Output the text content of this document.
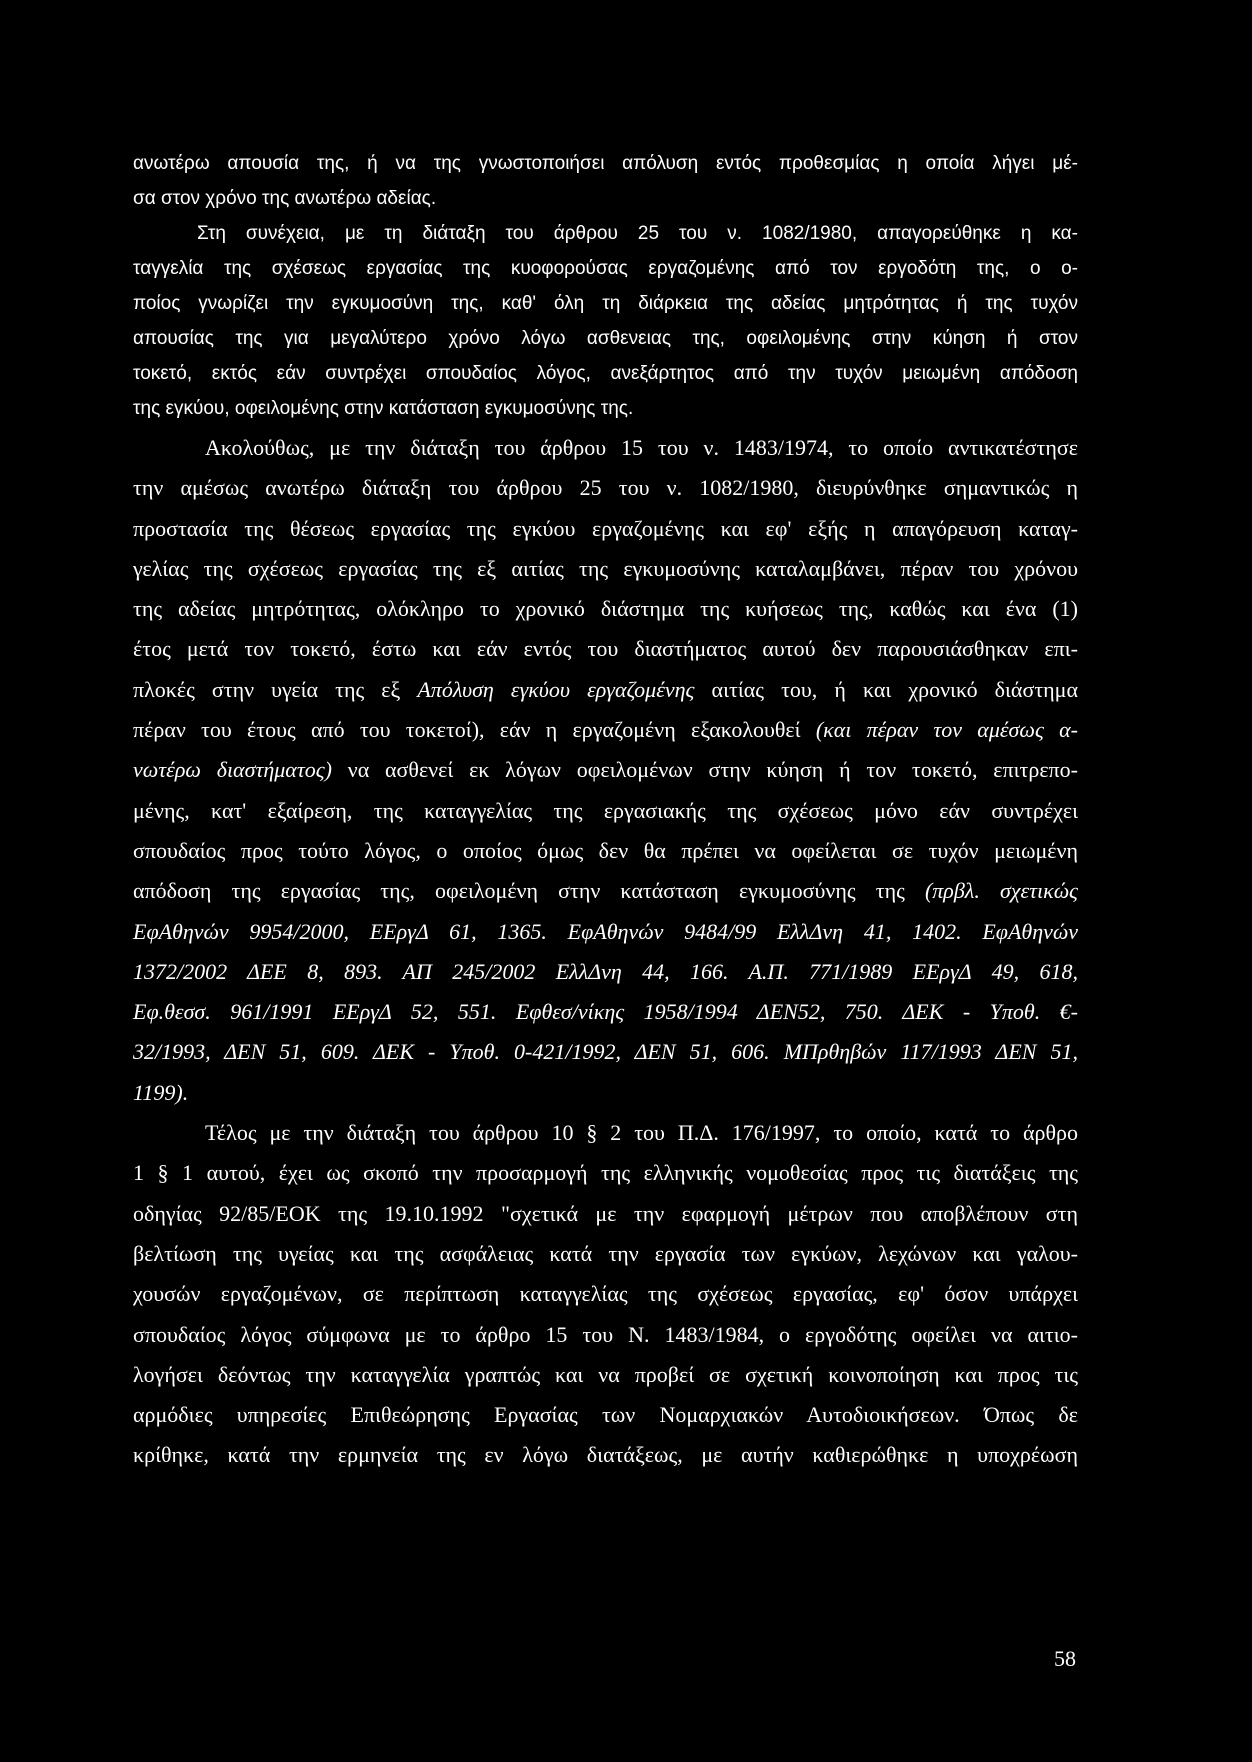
ανωτέρω απουσία της, ή να της γνωστοποιήσει απόλυση εντός προθεσμίας η οποία λήγει μέ-
σα στον χρόνο της ανωτέρω αδείας.
Στη συνέχεια, με τη διάταξη του άρθρου 25 του ν. 1082/1980, απαγορεύθηκε η κα-
ταγγελία της σχέσεως εργασίας της κυοφορούσας εργαζομένης από τον εργοδότη της, ο ο-
ποίος γνωρίζει την εγκυμοσύνη της, καθ' όλη τη διάρκεια της αδείας μητρότητας ή της τυχόν
απουσίας της για μεγαλύτερο χρόνο λόγω ασθενειας της, οφειλομένης στην κύηση ή στον
τοκετό, εκτός εάν συντρέχει σπουδαίος λόγος, ανεξάρτητος από την τυχόν μειωμένη απόδοση
της εγκύου, οφειλομένης στην κατάσταση εγκυμοσύνης της.
Ακολούθως, με την διάταξη του άρθρου 15 του ν. 1483/1974, το οποίο αντικατέστησε
την αμέσως ανωτέρω διάταξη του άρθρου 25 του ν. 1082/1980, διευρύνθηκε σημαντικώς η
προστασία της θέσεως εργασίας της εγκύου εργαζομένης και εφ' εξής η απαγόρευση καταγ-
γελίας της σχέσεως εργασίας της εξ αιτίας της εγκυμοσύνης καταλαμβάνει, πέραν του χρόνου
της αδείας μητρότητας, ολόκληρο το χρονικό διάστημα της κυήσεως της, καθώς και ένα (1)
έτος μετά τον τοκετό, έστω και εάν εντός του διαστήματος αυτού δεν παρουσιάσθηκαν επι-
πλοκές στην υγεία της εξ Απόλυση εγκύου εργαζομένης αιτίας του, ή και χρονικό διάστημα
πέραν του έτους από του τοκετοί), εάν η εργαζομένη εξακολουθεί (και πέραν τον αμέσως α-
νωτέρω διαστήματος) να ασθενεί εκ λόγων οφειλομένων στην κύηση ή τον τοκετό, επιτρεπο-
μένης, κατ' εξαίρεση, της καταγγελίας της εργασιακής της σχέσεως μόνο εάν συντρέχει
σπουδαίος προς τούτο λόγος, ο οποίος όμως δεν θα πρέπει να οφείλεται σε τυχόν μειωμένη
απόδοση της εργασίας της, οφειλομένη στην κατάσταση εγκυμοσύνης της (πρβλ. σχετικώς
ΕφΑθηνών 9954/2000, ΕΕργΔ 61, 1365. ΕφΑθηνών 9484/99 ΕλλΔνη 41, 1402. ΕφΑθηνών
1372/2002 ΔΕΕ 8, 893. ΑΠ 245/2002 ΕλλΔνη 44, 166. Α.Π. 771/1989 ΕΕργΔ 49, 618,
Εφ.θεσσ. 961/1991 ΕΕργΔ 52, 551. Εφθεσ/νίκης 1958/1994 ΔΕΝ52, 750. ΔΕΚ - Υποθ. €-
32/1993, ΔΕΝ 51, 609. ΔΕΚ - Υποθ. 0-421/1992, ΔΕΝ 51, 606. ΜΠρθηβών 117/1993 ΔΕΝ 51,
1199).
Τέλος με την διάταξη του άρθρου 10 § 2 του Π.Δ. 176/1997, το οποίο, κατά το άρθρο
1 § 1 αυτού, έχει ως σκοπό την προσαρμογή της ελληνικής νομοθεσίας προς τις διατάξεις της
οδηγίας 92/85/ΕΟΚ της 19.10.1992 "σχετικά με την εφαρμογή μέτρων που αποβλέπουν στη
βελτίωση της υγείας και της ασφάλειας κατά την εργασία των εγκύων, λεχώνων και γαλου-
χουσών εργαζομένων, σε περίπτωση καταγγελίας της σχέσεως εργασίας, εφ' όσον υπάρχει
σπουδαίος λόγος σύμφωνα με το άρθρο 15 του Ν. 1483/1984, ο εργοδότης οφείλει να αιτιο-
λογήσει δεόντως την καταγγελία γραπτώς και να προβεί σε σχετική κοινοποίηση και προς τις
αρμόδιες υπηρεσίες Επιθεώρησης Εργασίας των Νομαρχιακών Αυτοδιοικήσεων. Όπως δε
κρίθηκε, κατά την ερμηνεία της εν λόγω διατάξεως, με αυτήν καθιερώθηκε η υποχρέωση
58
